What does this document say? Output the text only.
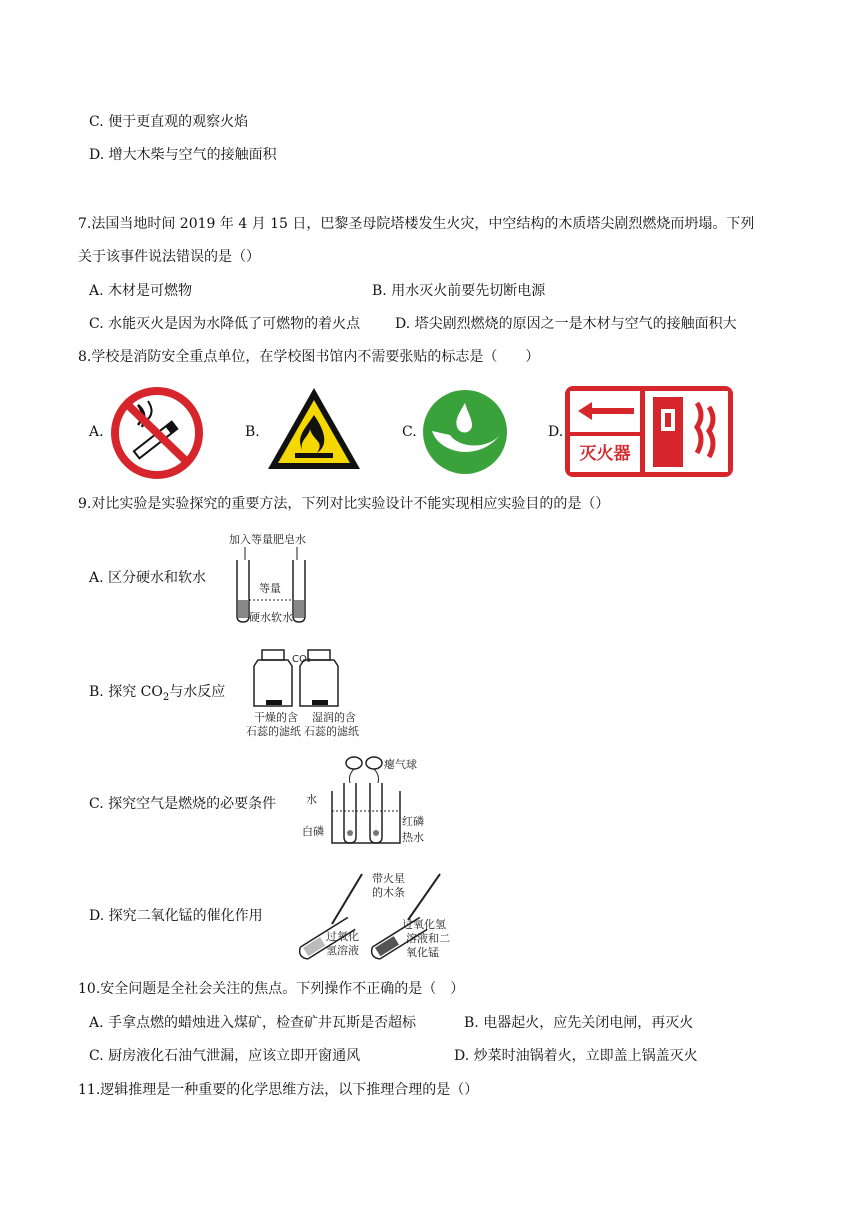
C. 便于更直观的观察火焰
D. 增大木柴与空气的接触面积
7.法国当地时间 2019 年 4 月 15 日，巴黎圣母院塔楼发生火灾，中空结构的木质塔尖剧烈燃烧而坍塌。下列
关于该事件说法错误的是（）
A. 木材是可燃物	B. 用水灭火前要先切断电源
C. 水能灭火是因为水降低了可燃物的着火点 D. 塔尖剧烈燃烧的原因之一是木材与空气的接触面积大
8.学校是消防安全重点单位，在学校图书馆内不需要张贴的标志是（　　）
A.	B.	C.	D.
灭火器
9.对比实验是实验探究的重要方法，下列对比实验设计不能实现相应实验目的的是（）
A. 区分硬水和软水
加入等量肥皂水
等量
硬水软水
B. 探究 $CO_2$与水反应
CO₂
干燥的含
石蕊的滤纸
湿润的含
石蕊的滤纸
C. 探究空气是燃烧的必要条件
瘪气球
水
白磷
红磷
热水
D. 探究二氧化锰的催化作用
带火星
的木条
过氧化
氢溶液
过氧化氢
溶液和二
氧化锰
10.安全问题是全社会关注的焦点。下列操作不正确的是（　）
A. 手拿点燃的蜡烛进入煤矿，检查矿井瓦斯是否超标	B. 电器起火，应先关闭电闸，再灭火
C. 厨房液化石油气泄漏，应该立即开窗通风	D. 炒菜时油锅着火，立即盖上锅盖灭火
11.逻辑推理是一种重要的化学思维方法，以下推理合理的是（）
